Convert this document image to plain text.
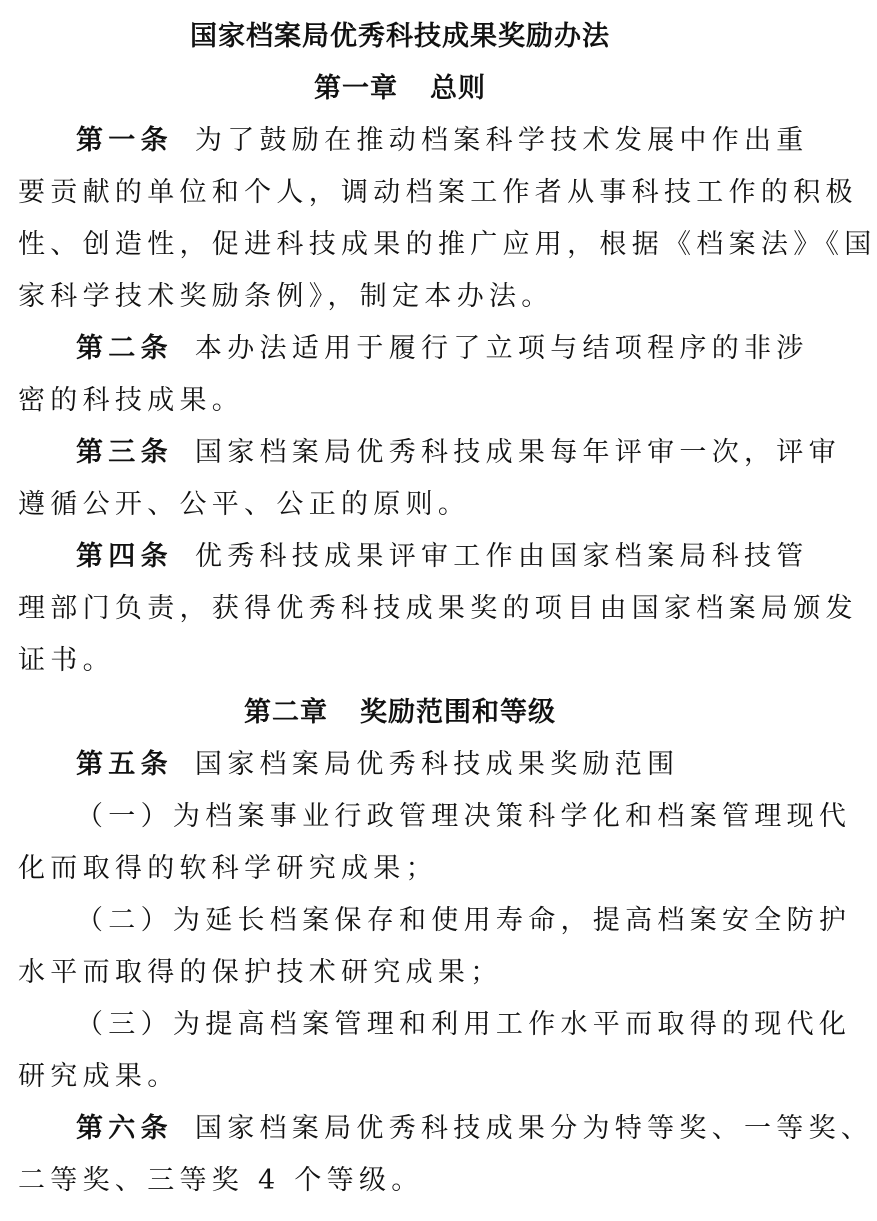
国家档案局优秀科技成果奖励办法
第一章 总则
第一条 为了鼓励在推动档案科学技术发展中作出重
要贡献的单位和个人，调动档案工作者从事科技工作的积极
性、创造性，促进科技成果的推广应用，根据《档案法》《国
家科学技术奖励条例》，制定本办法。
第二条 本办法适用于履行了立项与结项程序的非涉
密的科技成果。
第三条 国家档案局优秀科技成果每年评审一次，评审
遵循公开、公平、公正的原则。
第四条 优秀科技成果评审工作由国家档案局科技管
理部门负责，获得优秀科技成果奖的项目由国家档案局颁发
证书。
第二章 奖励范围和等级
第五条 国家档案局优秀科技成果奖励范围
（一）为档案事业行政管理决策科学化和档案管理现代
化而取得的软科学研究成果；
（二）为延长档案保存和使用寿命，提高档案安全防护
水平而取得的保护技术研究成果；
（三）为提高档案管理和利用工作水平而取得的现代化
研究成果。
第六条 国家档案局优秀科技成果分为特等奖、一等奖、
二等奖、三等奖 4 个等级。
